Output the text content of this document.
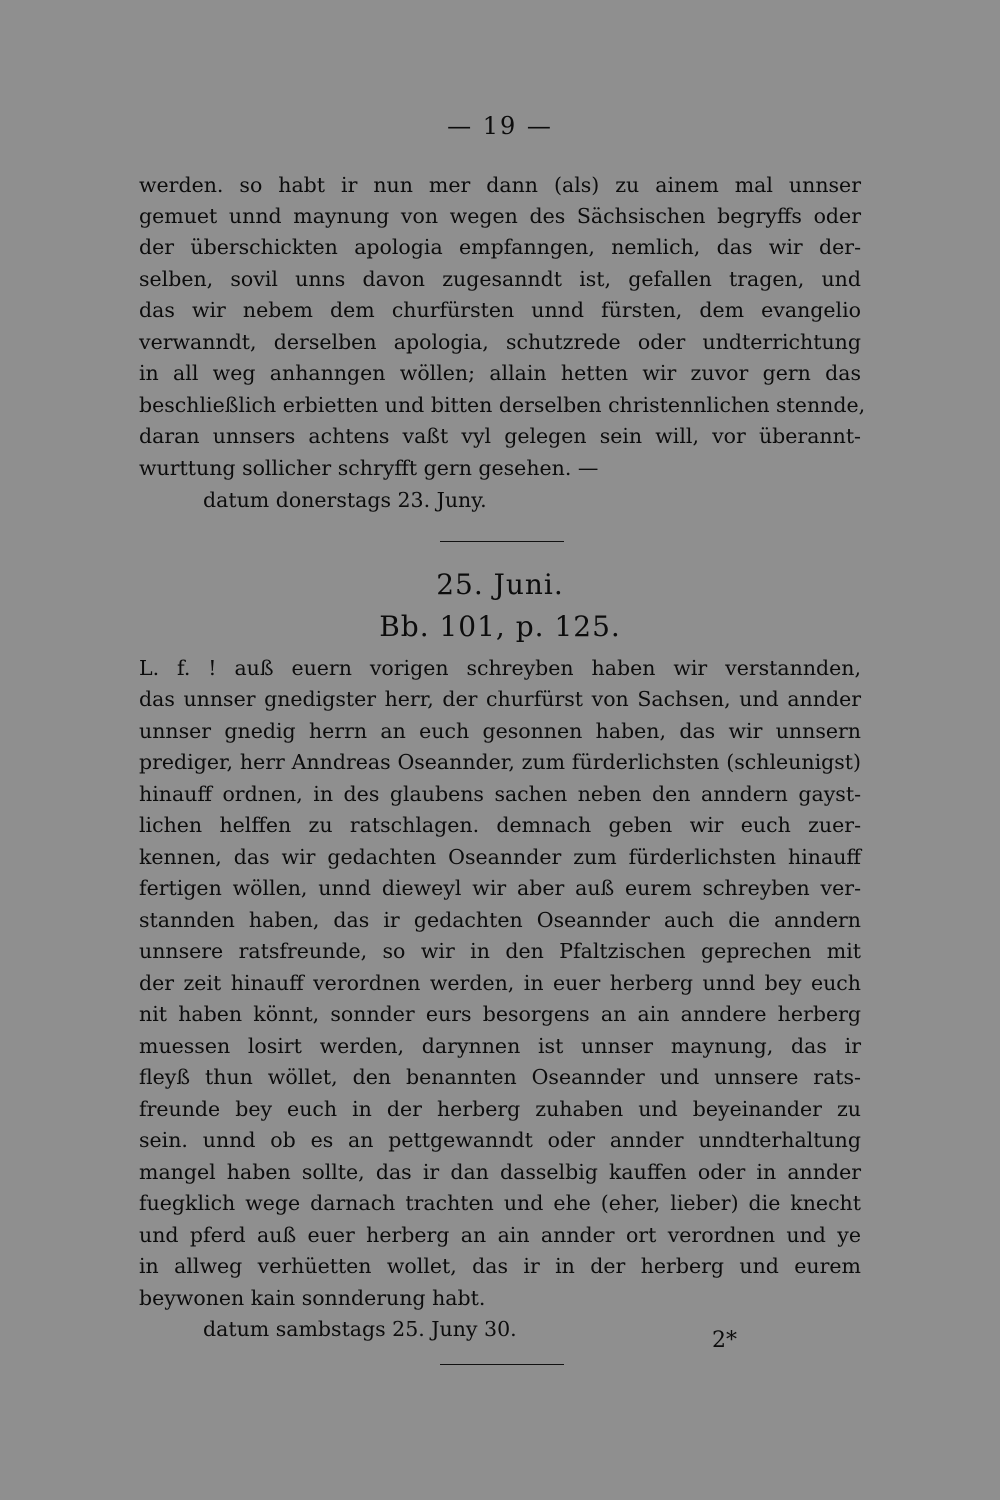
— 19 —
werden. so habt ir nun mer dann (als) zu ainem mal unnser
gemuet unnd maynung von wegen des Sächsischen begryffs oder
der überschickten apologia empfanngen, nemlich, das wir der-
selben, sovil unns davon zugesanndt ist, gefallen tragen, und
das wir nebem dem churfürsten unnd fürsten, dem evangelio
verwanndt, derselben apologia, schutzrede oder undterrichtung
in all weg anhanngen wöllen; allain hetten wir zuvor gern das
beschließlich erbietten und bitten derselben christennlichen stennde,
daran unnsers achtens vaßt vyl gelegen sein will, vor überannt-
wurttung sollicher schryfft gern gesehen. —
datum donerstags 23. Juny.
25. Juni.
Bb. 101, p. 125.
L. f. ! auß euern vorigen schreyben haben wir verstannden,
das unnser gnedigster herr, der churfürst von Sachsen, und annder
unnser gnedig herrn an euch gesonnen haben, das wir unnsern
prediger, herr Anndreas Oseannder, zum fürderlichsten (schleunigst)
hinauff ordnen, in des glaubens sachen neben den anndern gayst-
lichen helffen zu ratschlagen. demnach geben wir euch zuer-
kennen, das wir gedachten Oseannder zum fürderlichsten hinauff
fertigen wöllen, unnd dieweyl wir aber auß eurem schreyben ver-
stannden haben, das ir gedachten Oseannder auch die anndern
unnsere ratsfreunde, so wir in den Pfaltzischen geprechen mit
der zeit hinauff verordnen werden, in euer herberg unnd bey euch
nit haben könnt, sonnder eurs besorgens an ain anndere herberg
muessen losirt werden, darynnen ist unnser maynung, das ir
fleyß thun wöllet, den benannten Oseannder und unnsere rats-
freunde bey euch in der herberg zuhaben und beyeinander zu
sein. unnd ob es an pettgewanndt oder annder unndterhaltung
mangel haben sollte, das ir dan dasselbig kauffen oder in annder
fuegklich wege darnach trachten und ehe (eher, lieber) die knecht
und pferd auß euer herberg an ain annder ort verordnen und ye
in allweg verhüetten wollet, das ir in der herberg und eurem
beywonen kain sonnderung habt.
datum sambstags 25. Juny 30.	2*
